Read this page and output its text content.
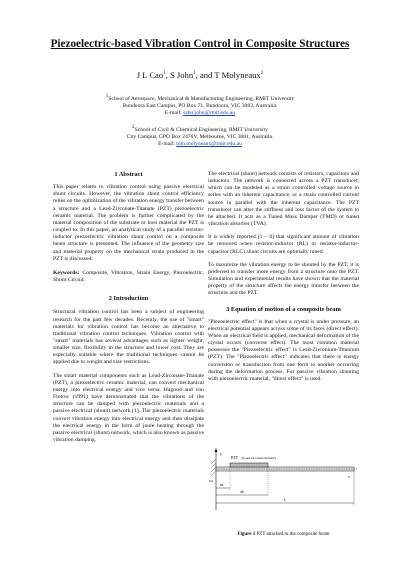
Piezoelectric-based Vibration Control in Composite Structures
J L Cao$^1$, S John$^1$, and T Molyneaux$^2$
$^1$School of Aerospace, Mechanical & Manufacturing Engineering, RMIT University
Bundoora East Campus, PO Box 71, Bundoora, VIC 3083, Australia.
E-mail: sabu.john@rmit.edu.au
$^2$School of Civil & Chemical Engineering, RMIT University
City Campus, GPO Box 2476V, Melbourne, VIC 3001, Australia.
E-mail: tom.molyneaux@rmit.edu.au

1 Abstract

This paper relates to vibration control using passive electrical shunt circuits. However, the vibration shunt control efficiency relies on the optimization of the vibration energy transfer between a structure and a Lead-Zirconate-Titanate (PZT) piezoelectric ceramic material. The problem is further complicated by the material composition of the substrate or host material the PZT is coupled to. In this paper, an analytical study of a parallel resistor-inductor piezoelectric vibration shunt control on a composite beam structure is presented. The influence of the geometry size and material property on the mechanical strain produced in the PZT is discussed.

Keywords: Composite, Vibration, Strain Energy, Piezoelectric, Shunt Circuit.

2 Introduction

Structural vibration control has been a subject of engineering research for the past few decades. Recently, the use of "smart" materials for vibration control has become an alternative to traditional vibration control techniques. Vibration control with "smart" materials has several advantages such as lighter weight, smaller size, flexibility in the structure and lower cost. They are especially suitable where the traditional techniques cannot be applied due to weight and size restrictions.

The smart material components such as Lead-Zirconate-Titanate (PZT), a piezoelectric ceramic material, can convert mechanical energy into electrical energy and vice versa. Hagood and von Flotow (1991) have demonstrated that the vibrations of the structure can be damped with piezoelectric materials and a passive electrical (shunt) network [1]. The piezoelectric materials convert vibration energy into electrical energy and then dissipate the electrical energy in the form of joule heating through the passive electrical (shunt) network, which is also known as passive vibration damping.

The electrical (shunt) network consists of resistors, capacitors and inductors. The network is connected across a PZT transducer, which can be modeled as a strain controlled voltage source in series with an inherent capacitance, or a strain controlled current source in parallel with the inherent capacitance. The PZT transducer can alter the stiffness and loss factor of the system to be attached. It acts as a Tuned Mass Damper (TMD) or tuned vibration absorber (TVA).

It is widely reported [1 – 6] that significant amount of vibration be removed when resistor-inductor (RL) or resistor-inductor-capacitor (RLC) shunt circuits are optimally tuned.

To maximize the vibration energy to be shunted by the PZT, it is preferred to transfer more energy from a structure onto the PZT. Simulation and experimental results have shown that the material property of the structure affects the energy transfer between the structure and the PZT.

3 Equation of motion of a composite beam

"Piezoelectric effect" is that when a crystal is under pressure, an electrical potential appears across some of its faces (direct effect). When an electrical field is applied, mechanical deformation of the crystal occurs (converse effect). The most common material possesses the "Piezoelectric effect" is Lead-Zirconium-Titanium (PZT). The "Piezoelectric effect" indicates that there is energy conversion or transduction from one form to another occurring during the deformation process. For passive vibration shunting with piezoelectric material, "direct effect" is used.

y
PZT (Lead-zirconate-titanate)
0,0
x
xa
xb
L
Figure 1 PZT attached to the composite beam
